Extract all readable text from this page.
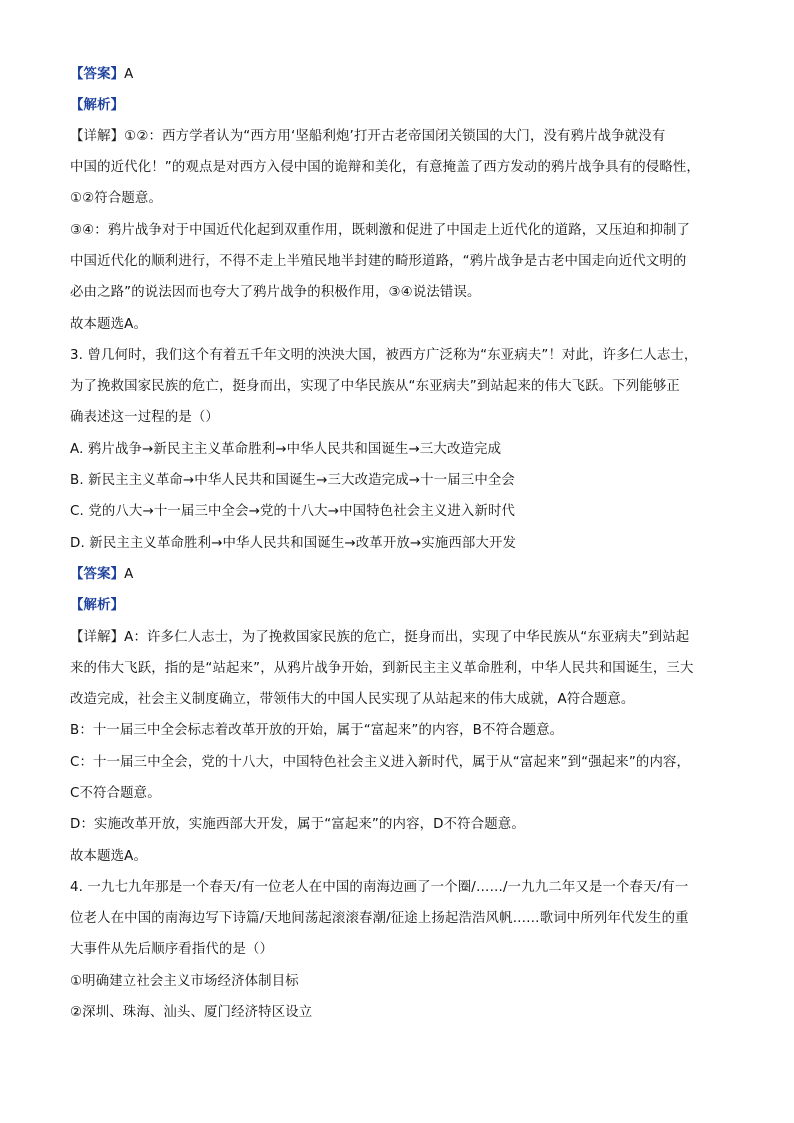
【答案】A
【解析】
【详解】①②：西方学者认为“西方用‘坚船利炮’打开古老帝国闭关锁国的大门，没有鸦片战争就没有
中国的近代化！”的观点是对西方入侵中国的诡辩和美化，有意掩盖了西方发动的鸦片战争具有的侵略性，
①②符合题意。
③④：鸦片战争对于中国近代化起到双重作用，既刺激和促进了中国走上近代化的道路，又压迫和抑制了
中国近代化的顺利进行，不得不走上半殖民地半封建的畸形道路，“鸦片战争是古老中国走向近代文明的
必由之路”的说法因而也夸大了鸦片战争的积极作用，③④说法错误。
故本题选A。
3. 曾几何时，我们这个有着五千年文明的泱泱大国，被西方广泛称为“东亚病夫”！对此，许多仁人志士，
为了挽救国家民族的危亡，挺身而出，实现了中华民族从“东亚病夫”到站起来的伟大飞跃。下列能够正
确表述这一过程的是（）
A. 鸦片战争→新民主主义革命胜利→中华人民共和国诞生→三大改造完成
B. 新民主主义革命→中华人民共和国诞生→三大改造完成→十一届三中全会
C. 党的八大→十一届三中全会→党的十八大→中国特色社会主义进入新时代
D. 新民主主义革命胜利→中华人民共和国诞生→改革开放→实施西部大开发
【答案】A
【解析】
【详解】A：许多仁人志士，为了挽救国家民族的危亡，挺身而出，实现了中华民族从“东亚病夫”到站起
来的伟大飞跃，指的是“站起来”，从鸦片战争开始，到新民主主义革命胜利，中华人民共和国诞生，三大
改造完成，社会主义制度确立，带领伟大的中国人民实现了从站起来的伟大成就，A符合题意。
B：十一届三中全会标志着改革开放的开始，属于“富起来”的内容，B不符合题意。
C：十一届三中全会，党的十八大，中国特色社会主义进入新时代，属于从“富起来”到“强起来”的内容，
C不符合题意。
D：实施改革开放，实施西部大开发，属于“富起来”的内容，D不符合题意。
故本题选A。
4. 一九七九年那是一个春天/有一位老人在中国的南海边画了一个圈/……/一九九二年又是一个春天/有一
位老人在中国的南海边写下诗篇/天地间荡起滚滚春潮/征途上扬起浩浩风帆……歌词中所列年代发生的重
大事件从先后顺序看指代的是（）
①明确建立社会主义市场经济体制目标
②深圳、珠海、汕头、厦门经济特区设立
